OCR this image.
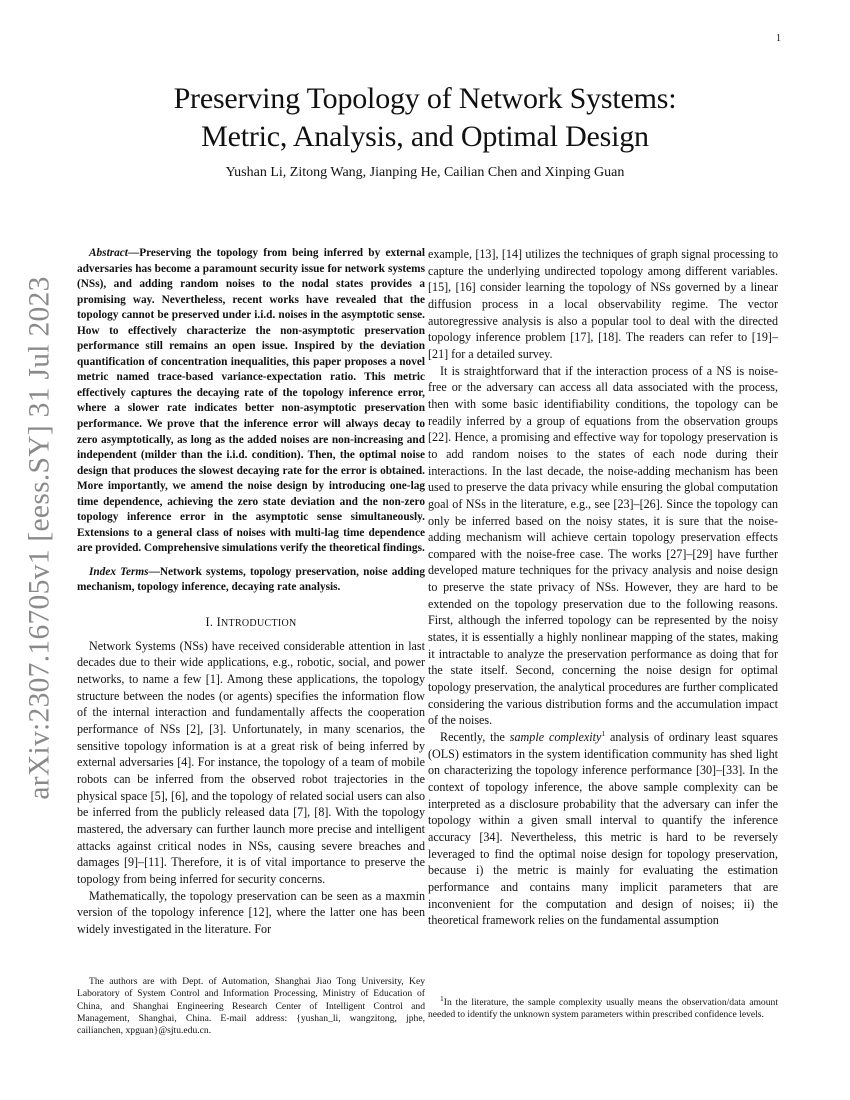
1
arXiv:2307.16705v1 [eess.SY] 31 Jul 2023
Preserving Topology of Network Systems:
Metric, Analysis, and Optimal Design
Yushan Li, Zitong Wang, Jianping He, Cailian Chen and Xinping Guan

Abstract—Preserving the topology from being inferred by external adversaries has become a paramount security issue for network systems (NSs), and adding random noises to the nodal states provides a promising way. Nevertheless, recent works have revealed that the topology cannot be preserved under i.i.d. noises in the asymptotic sense. How to effectively characterize the non-asymptotic preservation performance still remains an open issue. Inspired by the deviation quantification of concentration inequalities, this paper proposes a novel metric named trace-based variance-expectation ratio. This metric effectively captures the decaying rate of the topology inference error, where a slower rate indicates better non-asymptotic preservation performance. We prove that the inference error will always decay to zero asymptotically, as long as the added noises are non-increasing and independent (milder than the i.i.d. condition). Then, the optimal noise design that produces the slowest decaying rate for the error is obtained. More importantly, we amend the noise design by introducing one-lag time dependence, achieving the zero state deviation and the non-zero topology inference error in the asymptotic sense simultaneously. Extensions to a general class of noises with multi-lag time dependence are provided. Comprehensive simulations verify the theoretical findings.

Index Terms—Network systems, topology preservation, noise adding mechanism, topology inference, decaying rate analysis.

I. INTRODUCTION

Network Systems (NSs) have received considerable attention in last decades due to their wide applications, e.g., robotic, social, and power networks, to name a few [1]. Among these applications, the topology structure between the nodes (or agents) specifies the information flow of the internal interaction and fundamentally affects the cooperation performance of NSs [2], [3]. Unfortunately, in many scenarios, the sensitive topology information is at a great risk of being inferred by external adversaries [4]. For instance, the topology of a team of mobile robots can be inferred from the observed robot trajectories in the physical space [5], [6], and the topology of related social users can also be inferred from the publicly released data [7], [8]. With the topology mastered, the adversary can further launch more precise and intelligent attacks against critical nodes in NSs, causing severe breaches and damages [9]–[11]. Therefore, it is of vital importance to preserve the topology from being inferred for security concerns.

Mathematically, the topology preservation can be seen as a maxmin version of the topology inference [12], where the latter one has been widely investigated in the literature. For

example, [13], [14] utilizes the techniques of graph signal processing to capture the underlying undirected topology among different variables. [15], [16] consider learning the topology of NSs governed by a linear diffusion process in a local observability regime. The vector autoregressive analysis is also a popular tool to deal with the directed topology inference problem [17], [18]. The readers can refer to [19]–[21] for a detailed survey.

It is straightforward that if the interaction process of a NS is noise-free or the adversary can access all data associated with the process, then with some basic identifiability conditions, the topology can be readily inferred by a group of equations from the observation groups [22]. Hence, a promising and effective way for topology preservation is to add random noises to the states of each node during their interactions. In the last decade, the noise-adding mechanism has been used to preserve the data privacy while ensuring the global computation goal of NSs in the literature, e.g., see [23]–[26]. Since the topology can only be inferred based on the noisy states, it is sure that the noise-adding mechanism will achieve certain topology preservation effects compared with the noise-free case. The works [27]–[29] have further developed mature techniques for the privacy analysis and noise design to preserve the state privacy of NSs. However, they are hard to be extended on the topology preservation due to the following reasons. First, although the inferred topology can be represented by the noisy states, it is essentially a highly nonlinear mapping of the states, making it intractable to analyze the preservation performance as doing that for the state itself. Second, concerning the noise design for optimal topology preservation, the analytical procedures are further complicated considering the various distribution forms and the accumulation impact of the noises.

Recently, the sample complexity$^1$ analysis of ordinary least squares (OLS) estimators in the system identification community has shed light on characterizing the topology inference performance [30]–[33]. In the context of topology inference, the above sample complexity can be interpreted as a disclosure probability that the adversary can infer the topology within a given small interval to quantify the inference accuracy [34]. Nevertheless, this metric is hard to be reversely leveraged to find the optimal noise design for topology preservation, because i) the metric is mainly for evaluating the estimation performance and contains many implicit parameters that are inconvenient for the computation and design of noises; ii) the theoretical framework relies on the fundamental assumption

The authors are with Dept. of Automation, Shanghai Jiao Tong University, Key Laboratory of System Control and Information Processing, Ministry of Education of China, and Shanghai Engineering Research Center of Intelligent Control and Management, Shanghai, China. E-mail address: {yushan_li, wangzitong, jphe, cailianchen, xpguan}@sjtu.edu.cn.
$^1$In the literature, the sample complexity usually means the observation/data amount needed to identify the unknown system parameters within prescribed confidence levels.
